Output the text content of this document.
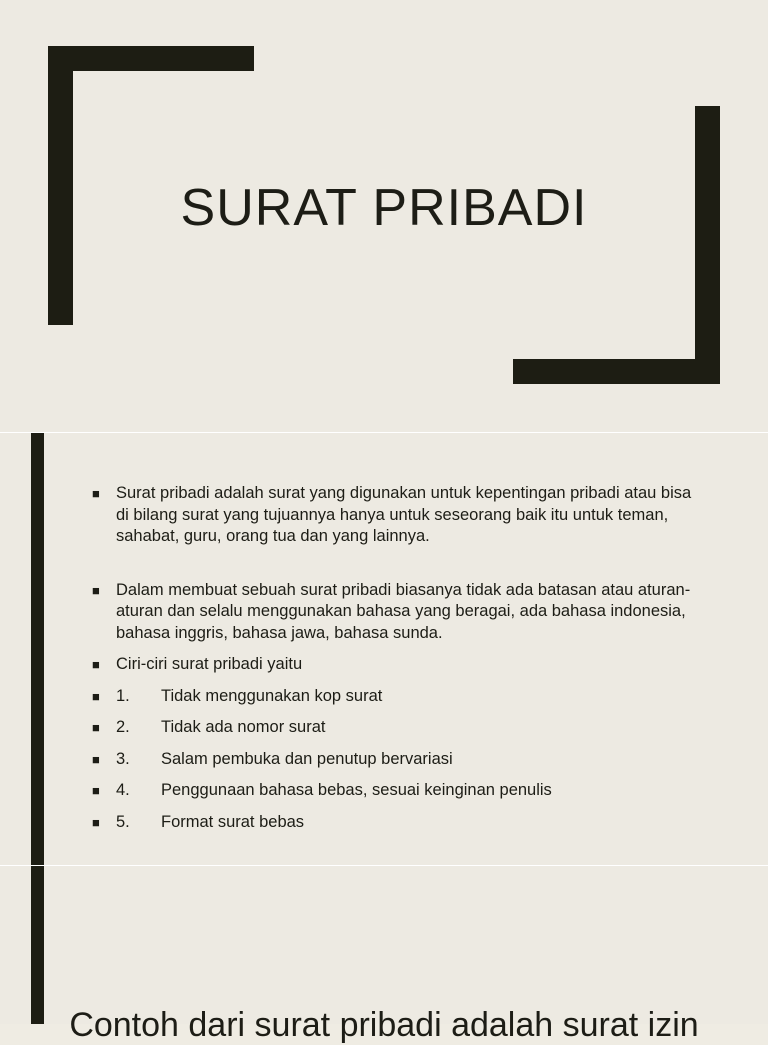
SURAT PRIBADI
■ Surat pribadi adalah surat yang digunakan untuk kepentingan pribadi atau bisa di bilang surat yang tujuannya hanya untuk seseorang baik itu untuk teman, sahabat, guru, orang tua dan yang lainnya.
■ Dalam membuat sebuah surat pribadi biasanya tidak ada batasan atau aturan-aturan dan selalu menggunakan bahasa yang beragai, ada bahasa indonesia, bahasa inggris, bahasa jawa, bahasa sunda.
■ Ciri-ciri surat pribadi yaitu
■ 1. Tidak menggunakan kop surat
■ 2. Tidak ada nomor surat
■ 3. Salam pembuka dan penutup bervariasi
■ 4. Penggunaan bahasa bebas, sesuai keinginan penulis
■ 5. Format surat bebas
Contoh dari surat pribadi adalah surat izin
